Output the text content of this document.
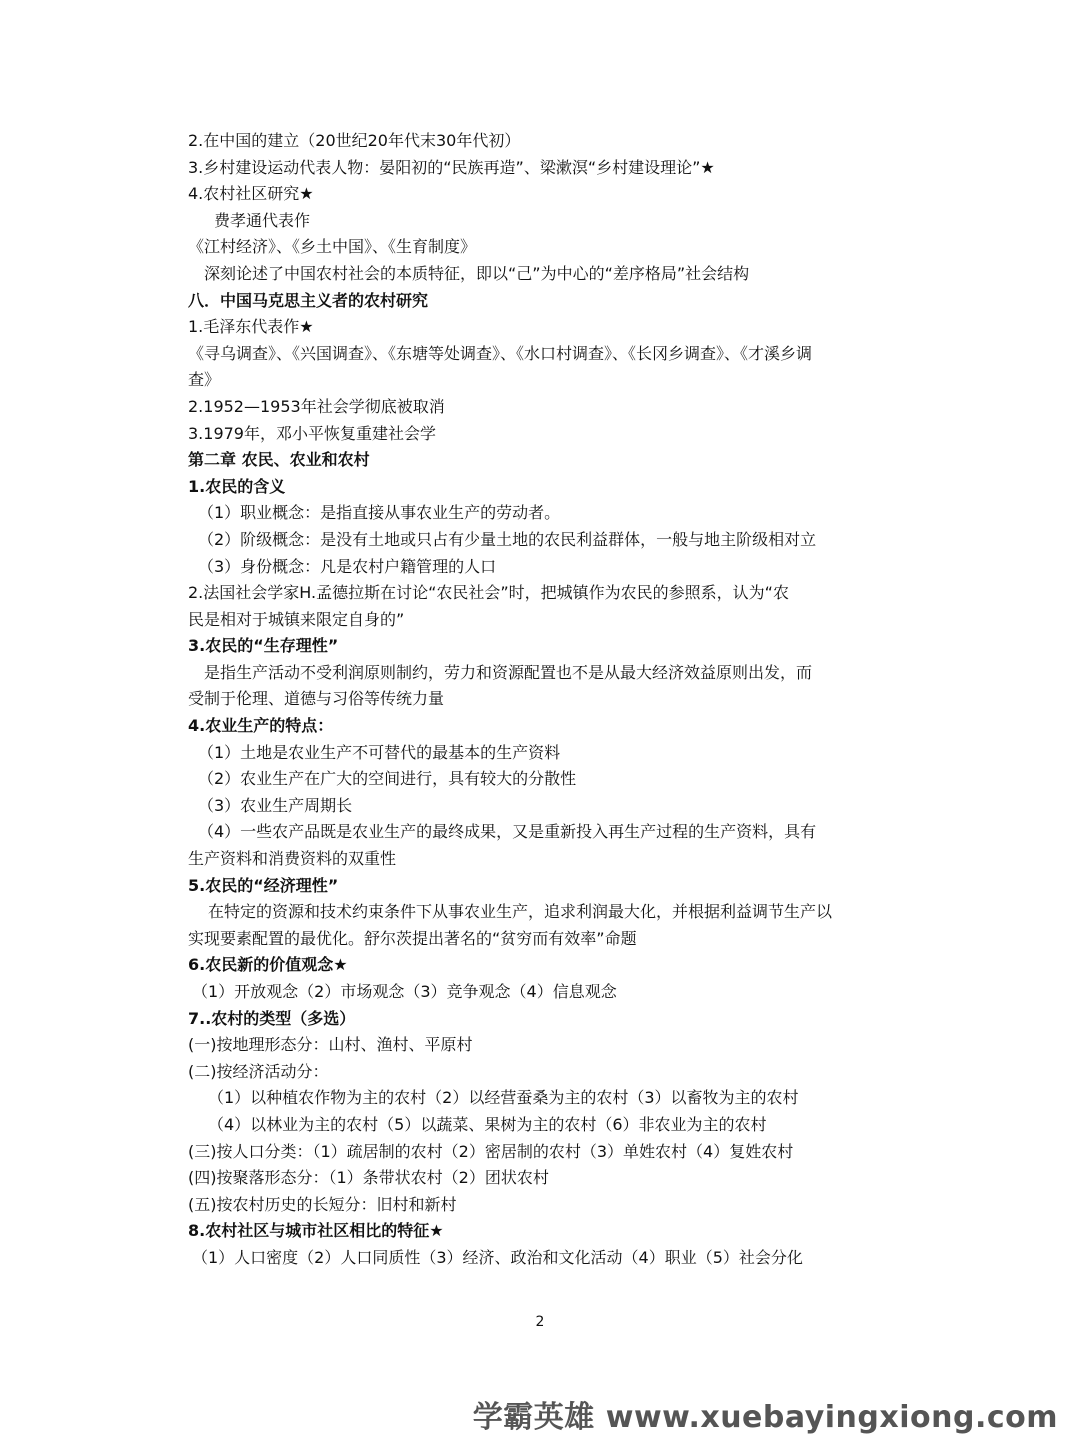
2.在中国的建立（20世纪20年代末30年代初）
3.乡村建设运动代表人物：晏阳初的“民族再造”、梁漱溟“乡村建设理论”★
4.农村社区研究★
费孝通代表作
《江村经济》、《乡土中国》、《生育制度》
深刻论述了中国农村社会的本质特征，即以“己”为中心的“差序格局”社会结构
八．中国马克思主义者的农村研究
1.毛泽东代表作★
《寻乌调查》、《兴国调查》、《东塘等处调查》、《水口村调查》、《长冈乡调查》、《才溪乡调
查》
2.1952—1953年社会学彻底被取消
3.1979年，邓小平恢复重建社会学
第二章 农民、农业和农村
1.农民的含义
（1）职业概念：是指直接从事农业生产的劳动者。
（2）阶级概念：是没有土地或只占有少量土地的农民利益群体，一般与地主阶级相对立
（3）身份概念：凡是农村户籍管理的人口
2.法国社会学家H.孟德拉斯在讨论“农民社会”时，把城镇作为农民的参照系，认为“农
民是相对于城镇来限定自身的”
3.农民的“生存理性”
是指生产活动不受利润原则制约，劳力和资源配置也不是从最大经济效益原则出发，而
受制于伦理、道德与习俗等传统力量
4.农业生产的特点：
（1）土地是农业生产不可替代的最基本的生产资料
（2）农业生产在广大的空间进行，具有较大的分散性
（3）农业生产周期长
（4）一些农产品既是农业生产的最终成果，又是重新投入再生产过程的生产资料，具有
生产资料和消费资料的双重性
5.农民的“经济理性”
在特定的资源和技术约束条件下从事农业生产，追求利润最大化，并根据利益调节生产以
实现要素配置的最优化。舒尔茨提出著名的“贫穷而有效率”命题
6.农民新的价值观念★
（1）开放观念（2）市场观念（3）竞争观念（4）信息观念
7..农村的类型（多选）
(一)按地理形态分：山村、渔村、平原村
(二)按经济活动分：
（1）以种植农作物为主的农村（2）以经营蚕桑为主的农村（3）以畜牧为主的农村
（4）以林业为主的农村（5）以蔬菜、果树为主的农村（6）非农业为主的农村
(三)按人口分类：（1）疏居制的农村（2）密居制的农村（3）单姓农村（4）复姓农村
(四)按聚落形态分：（1）条带状农村（2）团状农村
(五)按农村历史的长短分：旧村和新村
8.农村社区与城市社区相比的特征★
（1）人口密度（2）人口同质性（3）经济、政治和文化活动（4）职业（5）社会分化
2
学霸英雄 www.xuebayingxiong.com
